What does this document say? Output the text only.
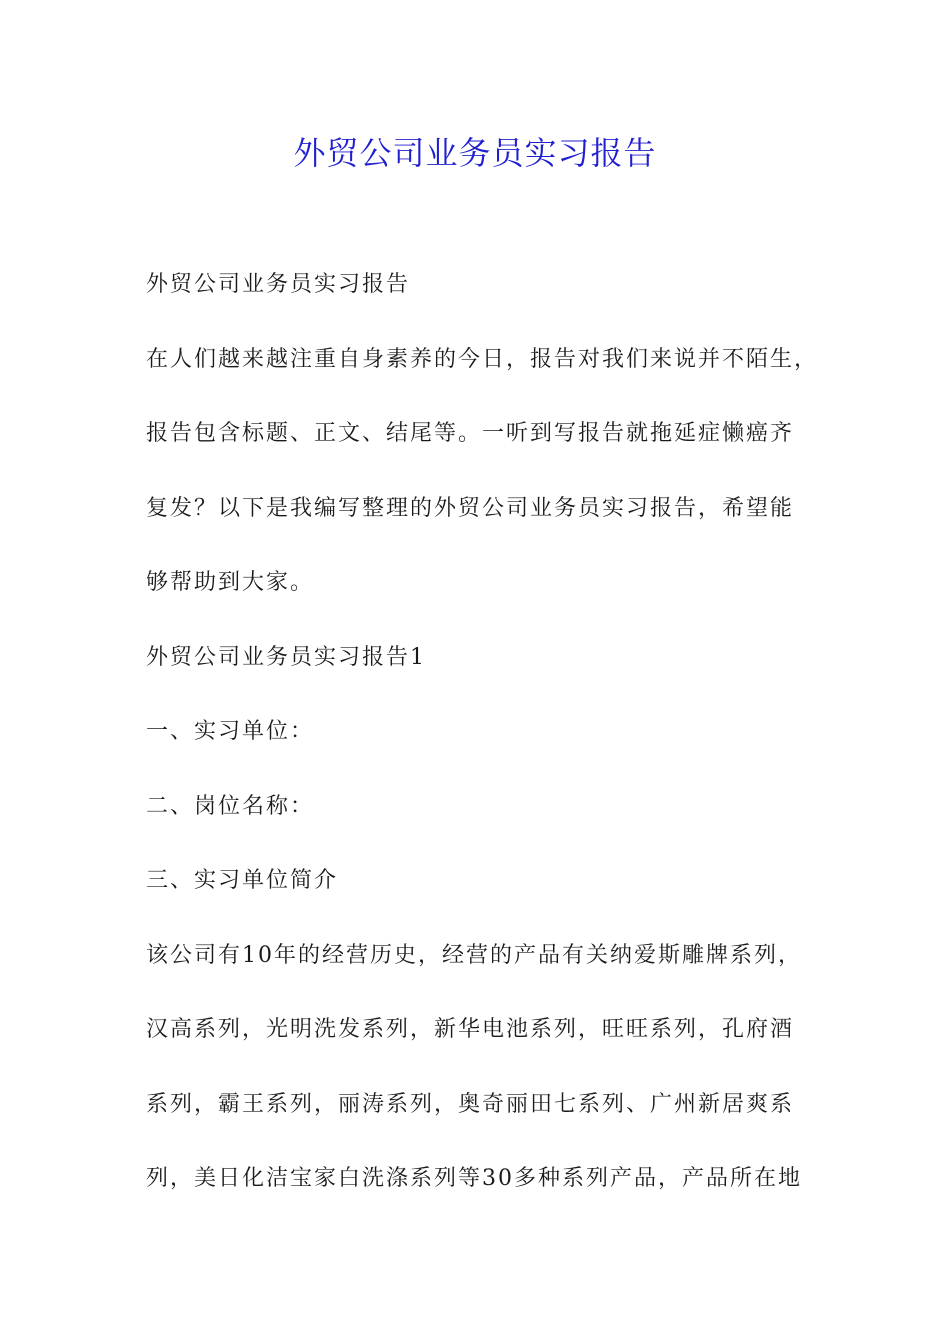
外贸公司业务员实习报告
外贸公司业务员实习报告
在人们越来越注重自身素养的今日，报告对我们来说并不陌生，
报告包含标题、正文、结尾等。一听到写报告就拖延症懒癌齐
复发？以下是我编写整理的外贸公司业务员实习报告，希望能
够帮助到大家。
外贸公司业务员实习报告1
一、实习单位：
二、岗位名称：
三、实习单位简介
该公司有10年的经营历史，经营的产品有关纳爱斯雕牌系列，
汉高系列，光明洗发系列，新华电池系列，旺旺系列，孔府酒
系列，霸王系列，丽涛系列，奥奇丽田七系列、广州新居爽系
列，美日化洁宝家白洗涤系列等30多种系列产品，产品所在地
